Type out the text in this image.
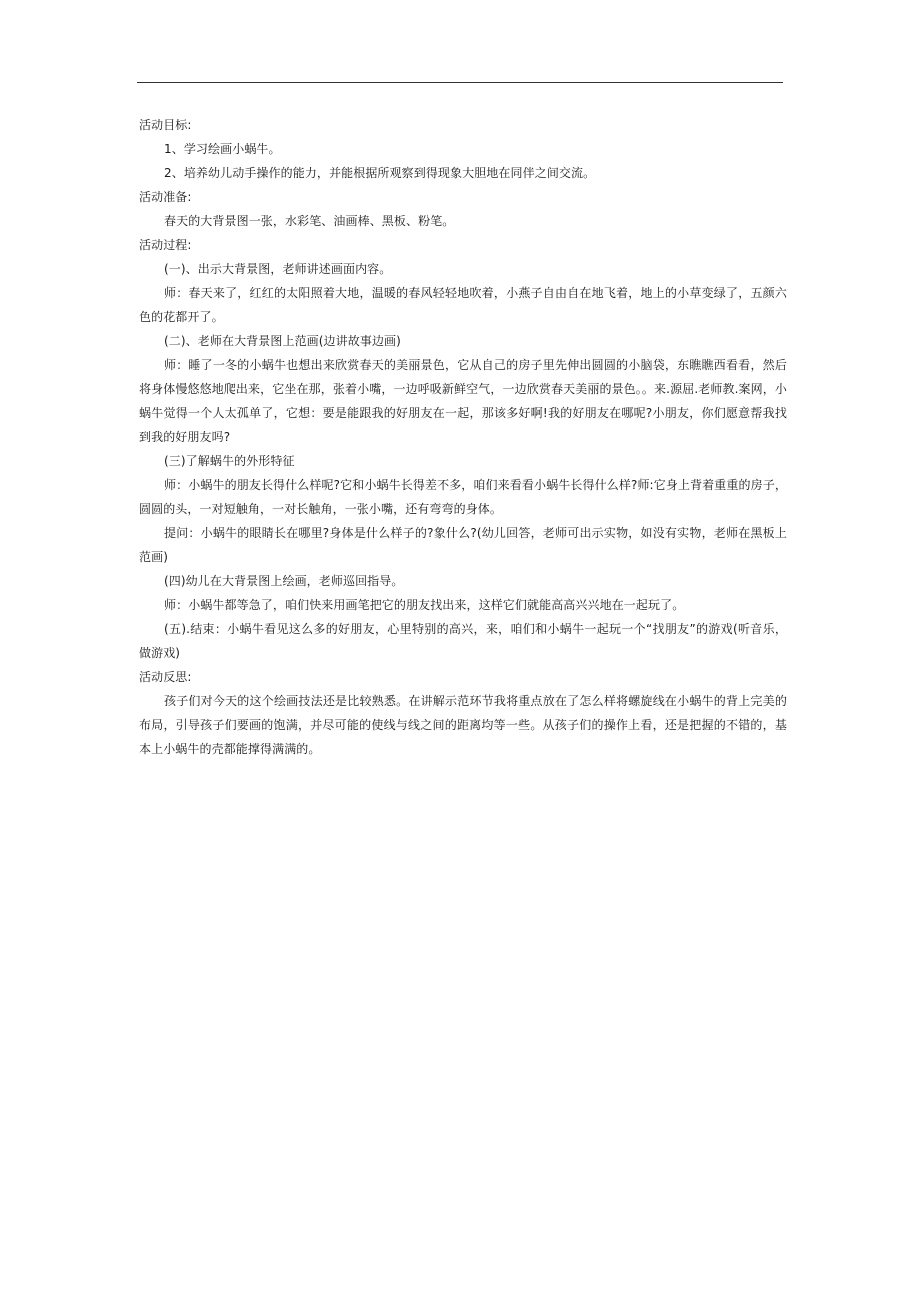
活动目标:
1、学习绘画小蜗牛。
2、培养幼儿动手操作的能力，并能根据所观察到得现象大胆地在同伴之间交流。
活动准备:
春天的大背景图一张，水彩笔、油画棒、黑板、粉笔。
活动过程:
(一)、出示大背景图，老师讲述画面内容。
师：春天来了，红红的太阳照着大地，温暖的春风轻轻地吹着，小燕子自由自在地飞着，地上的小草变绿了，五颜六色的花都开了。
(二)、老师在大背景图上范画(边讲故事边画)
师：睡了一冬的小蜗牛也想出来欣赏春天的美丽景色，它从自己的房子里先伸出圆圆的小脑袋，东瞧瞧西看看，然后将身体慢悠悠地爬出来，它坐在那，张着小嘴，一边呼吸新鲜空气，一边欣赏春天美丽的景色。。来.源屈.老师教.案网，小蜗牛觉得一个人太孤单了，它想：要是能跟我的好朋友在一起，那该多好啊!我的好朋友在哪呢?小朋友，你们愿意帮我找到我的好朋友吗?
(三)了解蜗牛的外形特征
师：小蜗牛的朋友长得什么样呢?它和小蜗牛长得差不多，咱们来看看小蜗牛长得什么样?师:它身上背着重重的房子，圆圆的头，一对短触角，一对长触角，一张小嘴，还有弯弯的身体。
提问：小蜗牛的眼睛长在哪里?身体是什么样子的?象什么?(幼儿回答，老师可出示实物，如没有实物，老师在黑板上范画)
(四)幼儿在大背景图上绘画，老师巡回指导。
师：小蜗牛都等急了，咱们快来用画笔把它的朋友找出来，这样它们就能高高兴兴地在一起玩了。
(五).结束：小蜗牛看见这么多的好朋友，心里特别的高兴，来，咱们和小蜗牛一起玩一个“找朋友”的游戏(听音乐，做游戏)
活动反思:
孩子们对今天的这个绘画技法还是比较熟悉。在讲解示范环节我将重点放在了怎么样将螺旋线在小蜗牛的背上完美的布局，引导孩子们要画的饱满，并尽可能的使线与线之间的距离均等一些。从孩子们的操作上看，还是把握的不错的，基本上小蜗牛的壳都能撑得满满的。
